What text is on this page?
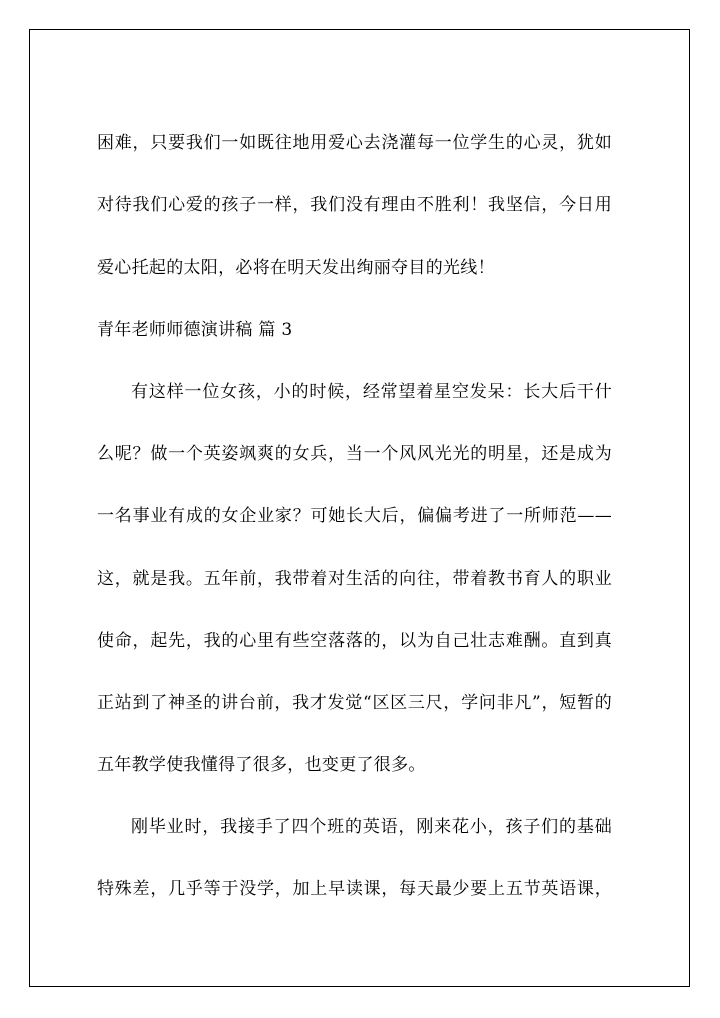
困难，只要我们一如既往地用爱心去浇灌每一位学生的心灵，犹如
对待我们心爱的孩子一样，我们没有理由不胜利！我坚信，今日用
爱心托起的太阳，必将在明天发出绚丽夺目的光线！
青年老师师德演讲稿 篇 3
有这样一位女孩，小的时候，经常望着星空发呆：长大后干什
么呢？做一个英姿飒爽的女兵，当一个风风光光的明星，还是成为
一名事业有成的女企业家？可她长大后，偏偏考进了一所师范——
这，就是我。五年前，我带着对生活的向往，带着教书育人的职业
使命，起先，我的心里有些空落落的，以为自己壮志难酬。直到真
正站到了神圣的讲台前，我才发觉“区区三尺，学问非凡”，短暂的
五年教学使我懂得了很多，也变更了很多。
刚毕业时，我接手了四个班的英语，刚来花小，孩子们的基础
特殊差，几乎等于没学，加上早读课，每天最少要上五节英语课，
